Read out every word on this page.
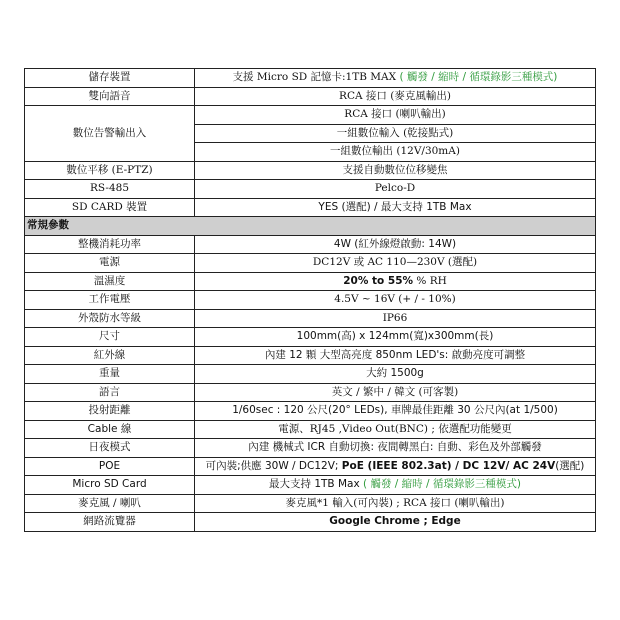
儲存裝置	支援 Micro SD 記憶卡:1TB MAX ( 觸發 / 縮時 / 循環錄影三種模式)
雙向語音	RCA 接口 (麥克風輸出)
數位告警輸出入	RCA 接口 (喇叭輸出)
	一組數位輸入 (乾接點式)
	一組數位輸出 (12V/30mA)
數位平移 (E-PTZ)	支援自動數位位移變焦
RS-485	Pelco-D
SD CARD 裝置	YES (選配) / 最大支持 1TB Max
常規參數	
整機消耗功率	4W (紅外線燈啟動: 14W)
電源	DC12V 或 AC 110—230V (選配)
溫濕度	20% to 55% % RH
工作電壓	4.5V ~ 16V (+ / - 10%)
外殼防水等級	IP66
尺寸	100mm(高) x 124mm(寬)x300mm(長)
紅外線	內建 12 顆 大型高亮度 850nm LED's: 啟動亮度可調整
重量	大約 1500g
語言	英文 / 繁中 / 韓文 (可客製)
投射距離	1/60sec : 120 公尺(20° LEDs), 車牌最佳距離 30 公尺內(at 1/500)
Cable 線	電源、RJ45 ,Video Out(BNC) ; 依選配功能變更
日夜模式	內建 機械式 ICR 自動切換: 夜間轉黑白: 自動、彩色及外部觸發
POE	可內裝;供應 30W / DC12V; PoE (IEEE 802.3at) / DC 12V/ AC 24V(選配)
Micro SD Card	最大支持 1TB Max ( 觸發 / 縮時 / 循環錄影三種模式)
麥克風 / 喇叭	麥克風*1 輸入(可內裝) ; RCA 接口 (喇叭輸出)
網路流覽器	Google Chrome ; Edge
